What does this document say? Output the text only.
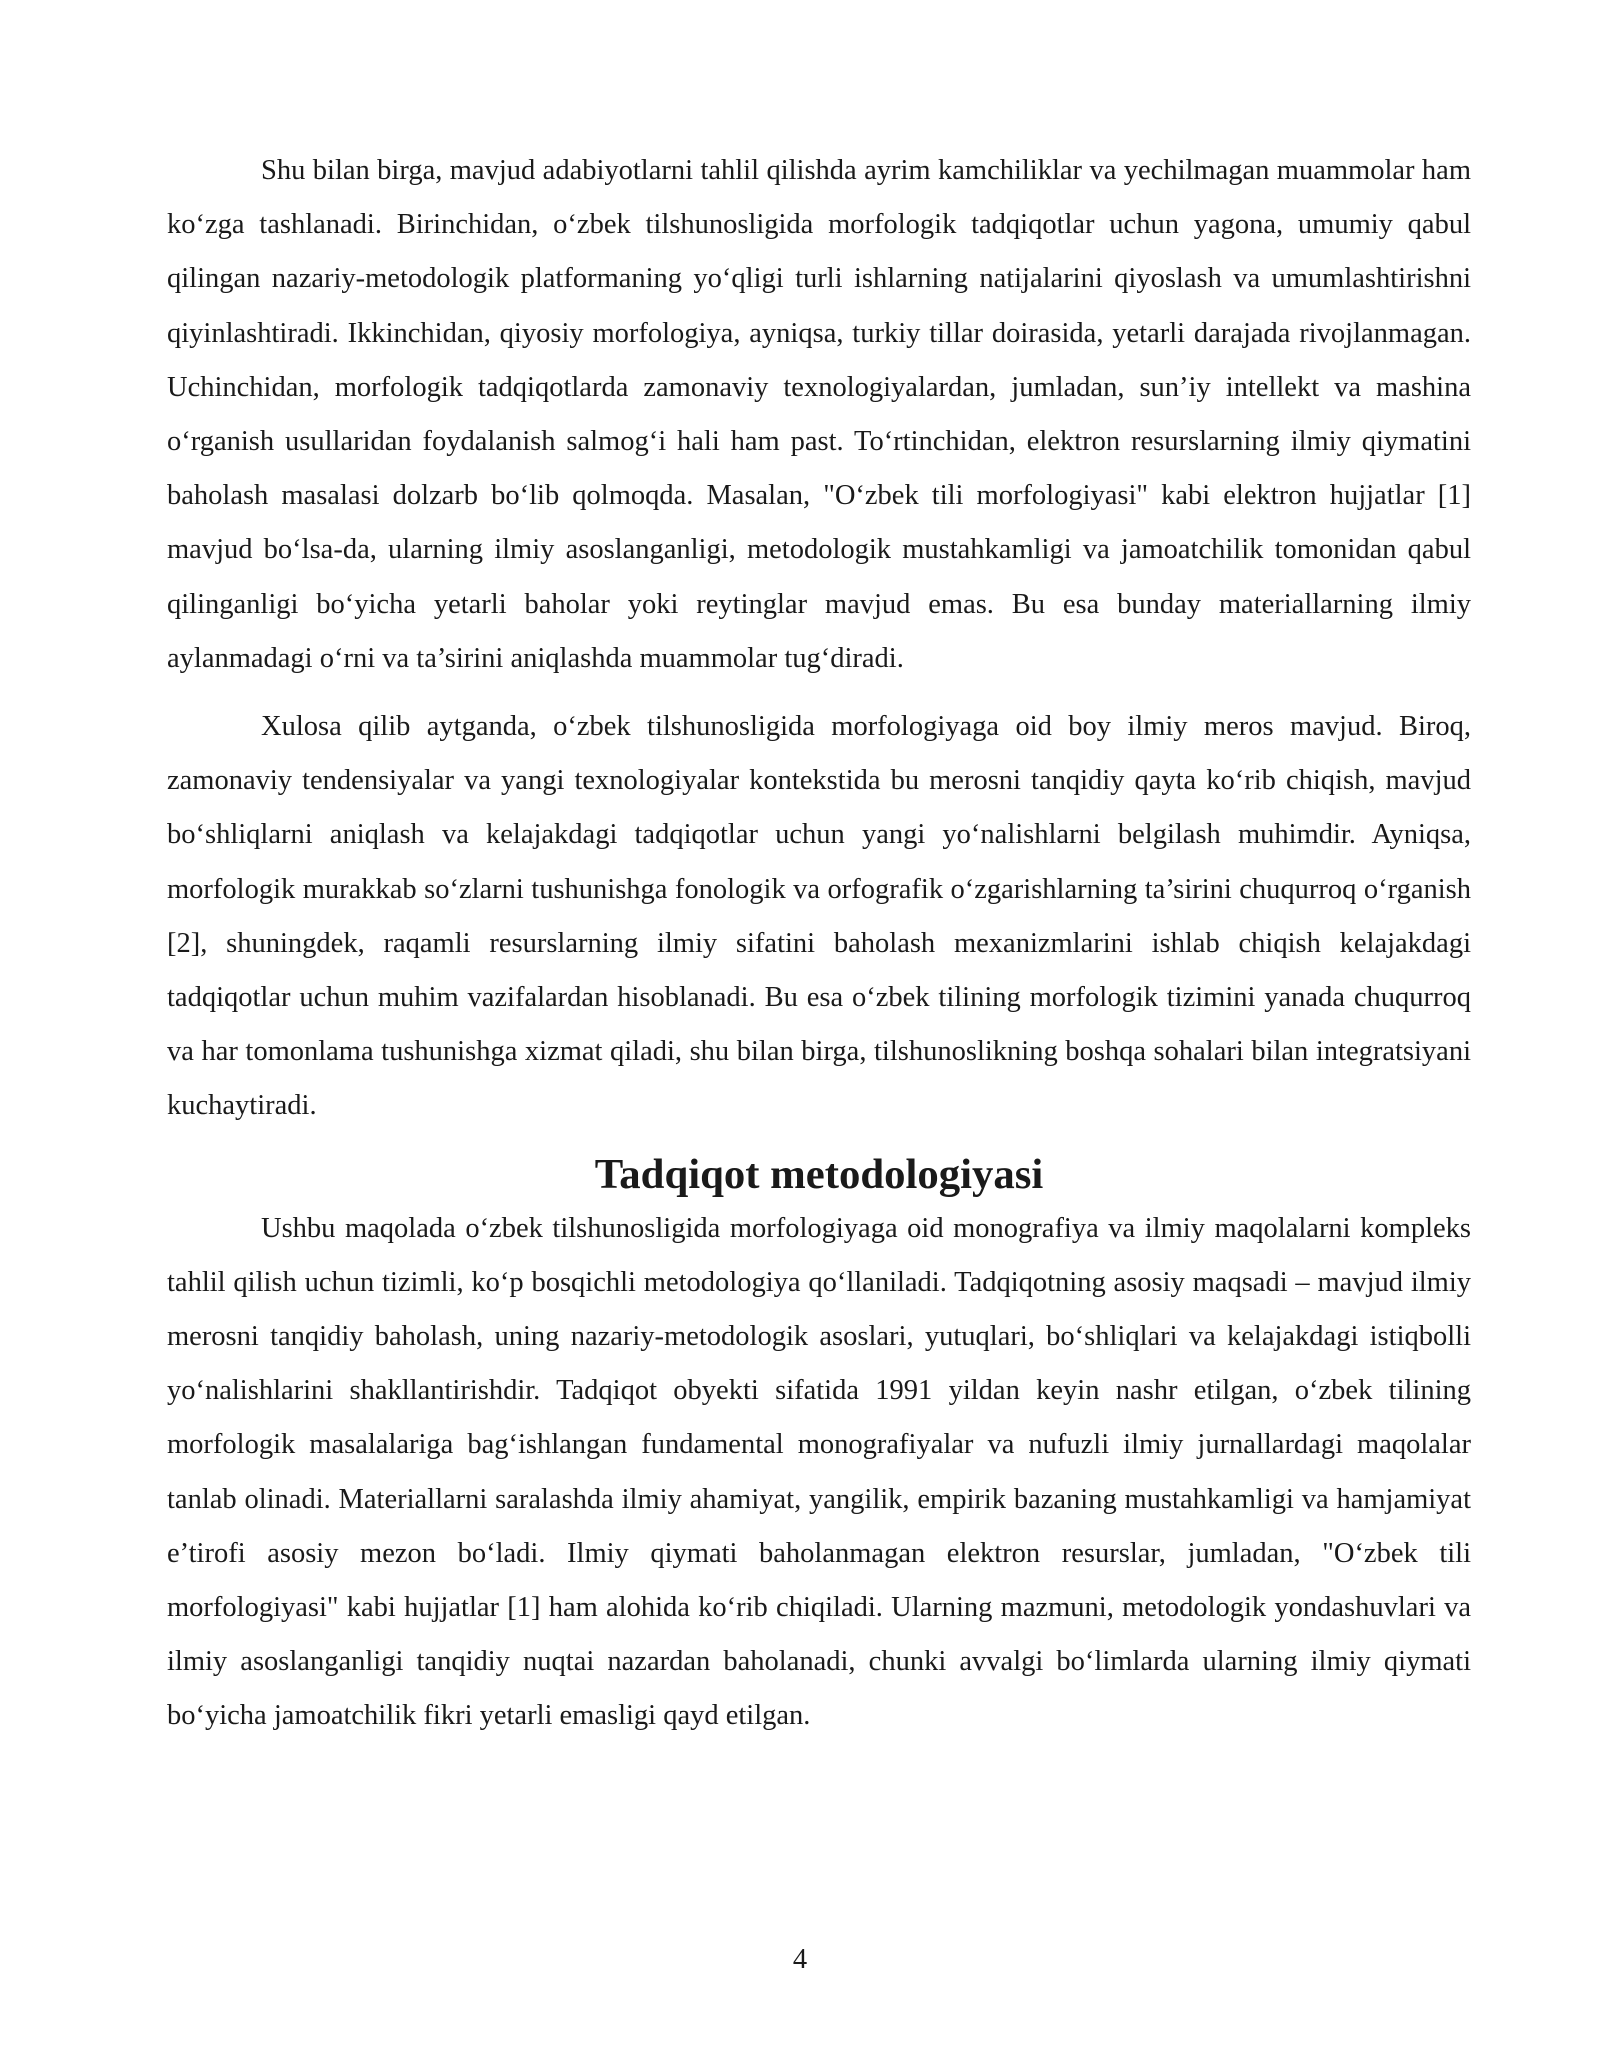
Shu bilan birga, mavjud adabiyotlarni tahlil qilishda ayrim kamchiliklar va yechilmagan muammolar ham ko‘zga tashlanadi. Birinchidan, o‘zbek tilshunosligida morfologik tadqiqotlar uchun yagona, umumiy qabul qilingan nazariy-metodologik platformaning yo‘qligi turli ishlarning natijalarini qiyoslash va umumlashtirishni qiyinlashtiradi. Ikkinchidan, qiyosiy morfologiya, ayniqsa, turkiy tillar doirasida, yetarli darajada rivojlanmagan. Uchinchidan, morfologik tadqiqotlarda zamonaviy texnologiyalardan, jumladan, sun’iy intellekt va mashina o‘rganish usullaridan foydalanish salmog‘i hali ham past. To‘rtinchidan, elektron resurslarning ilmiy qiymatini baholash masalasi dolzarb bo‘lib qolmoqda. Masalan, "O‘zbek tili morfologiyasi" kabi elektron hujjatlar [1] mavjud bo‘lsa-da, ularning ilmiy asoslanganligi, metodologik mustahkamligi va jamoatchilik tomonidan qabul qilinganligi bo‘yicha yetarli baholar yoki reytinglar mavjud emas. Bu esa bunday materiallarning ilmiy aylanmadagi o‘rni va ta’sirini aniqlashda muammolar tug‘diradi.

Xulosa qilib aytganda, o‘zbek tilshunosligida morfologiyaga oid boy ilmiy meros mavjud. Biroq, zamonaviy tendensiyalar va yangi texnologiyalar kontekstida bu merosni tanqidiy qayta ko‘rib chiqish, mavjud bo‘shliqlarni aniqlash va kelajakdagi tadqiqotlar uchun yangi yo‘nalishlarni belgilash muhimdir. Ayniqsa, morfologik murakkab so‘zlarni tushunishga fonologik va orfografik o‘zgarishlarning ta’sirini chuqurroq o‘rganish [2], shuningdek, raqamli resurslarning ilmiy sifatini baholash mexanizmlarini ishlab chiqish kelajakdagi tadqiqotlar uchun muhim vazifalardan hisoblanadi. Bu esa o‘zbek tilining morfologik tizimini yanada chuqurroq va har tomonlama tushunishga xizmat qiladi, shu bilan birga, tilshunoslikning boshqa sohalari bilan integratsiyani kuchaytiradi.

Tadqiqot metodologiyasi

Ushbu maqolada o‘zbek tilshunosligida morfologiyaga oid monografiya va ilmiy maqolalarni kompleks tahlil qilish uchun tizimli, ko‘p bosqichli metodologiya qo‘llaniladi. Tadqiqotning asosiy maqsadi – mavjud ilmiy merosni tanqidiy baholash, uning nazariy-metodologik asoslari, yutuqlari, bo‘shliqlari va kelajakdagi istiqbolli yo‘nalishlarini shakllantirishdir. Tadqiqot obyekti sifatida 1991 yildan keyin nashr etilgan, o‘zbek tilining morfologik masalalariga bag‘ishlangan fundamental monografiyalar va nufuzli ilmiy jurnallardagi maqolalar tanlab olinadi. Materiallarni saralashda ilmiy ahamiyat, yangilik, empirik bazaning mustahkamligi va hamjamiyat e’tirofi asosiy mezon bo‘ladi. Ilmiy qiymati baholanmagan elektron resurslar, jumladan, "O‘zbek tili morfologiyasi" kabi hujjatlar [1] ham alohida ko‘rib chiqiladi. Ularning mazmuni, metodologik yondashuvlari va ilmiy asoslanganligi tanqidiy nuqtai nazardan baholanadi, chunki avvalgi bo‘limlarda ularning ilmiy qiymati bo‘yicha jamoatchilik fikri yetarli emasligi qayd etilgan.

4
